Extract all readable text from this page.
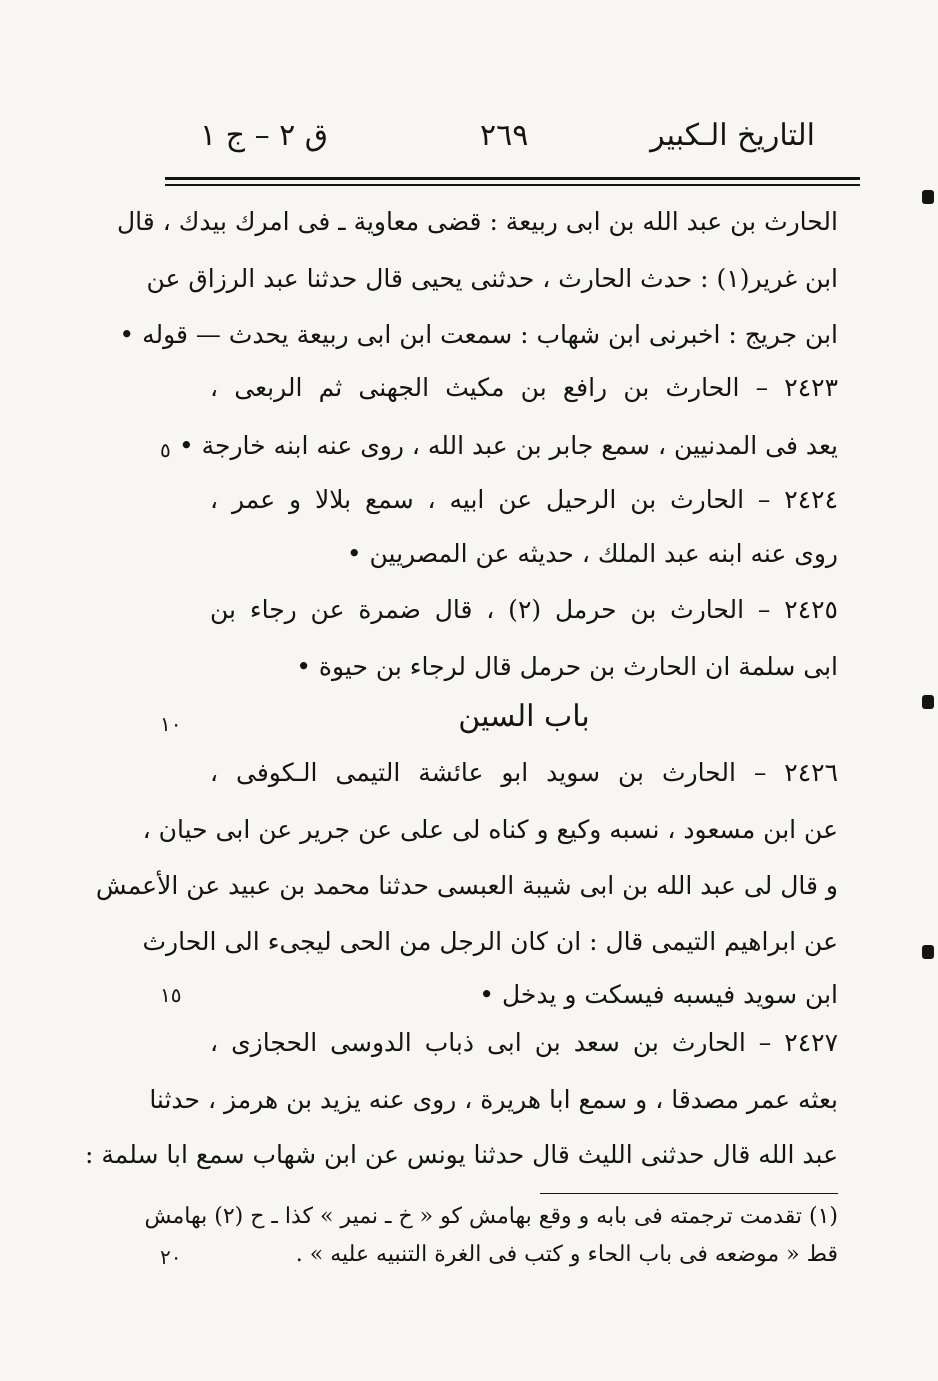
التاريخ الـكبير
٢٦٩
ق ٢ – ج ١
الحارث بن عبد الله بن ابى ربيعة : قضى معاوية ـ فى امرك بيدك ، قال
ابن غرير(١) : حدث الحارث ، حدثنى يحيى قال حدثنا عبد الرزاق عن
ابن جريج : اخبرنى ابن شهاب : سمعت ابن ابى ربيعة يحدث — قوله •
٢٤٢٣ – الحارث بن رافع بن مكيث الجهنى ثم الربعى ،
يعد فى المدنيين ، سمع جابر بن عبد الله ، روى عنه ابنه خارجة •
٢٤٢٤ – الحارث بن الرحيل عن ابيه ، سمع بلالا و عمر ،
روى عنه ابنه عبد الملك ، حديثه عن المصريين •
٢٤٢٥ – الحارث بن حرمل (٢) ، قال ضمرة عن رجاء بن
ابى سلمة ان الحارث بن حرمل قال لرجاء بن حيوة •
باب السين
٢٤٢٦ – الحارث بن سويد ابو عائشة التيمى الـكوفى ،
عن ابن مسعود ، نسبه وكيع و كناه لى على عن جرير عن ابى حيان ،
و قال لى عبد الله بن ابى شيبة العبسى حدثنا محمد بن عبيد عن الأعمش
عن ابراهيم التيمى قال : ان كان الرجل من الحى ليجىء الى الحارث
ابن سويد فيسبه فيسكت و يدخل •
٢٤٢٧ – الحارث بن سعد بن ابى ذباب الدوسى الحجازى ،
بعثه عمر مصدقا ، و سمع ابا هريرة ، روى عنه يزيد بن هرمز ، حدثنا
عبد الله قال حدثنى الليث قال حدثنا يونس عن ابن شهاب سمع ابا سلمة :
(١) تقدمت ترجمته فى بابه و وقع بهامش كو « خ ـ نمير » كذا ـ ح (٢) بهامش
قط « موضعه فى باب الحاء و كتب فى الغرة التنبيه عليه » .
٥
١٠
١٥
٢٠
